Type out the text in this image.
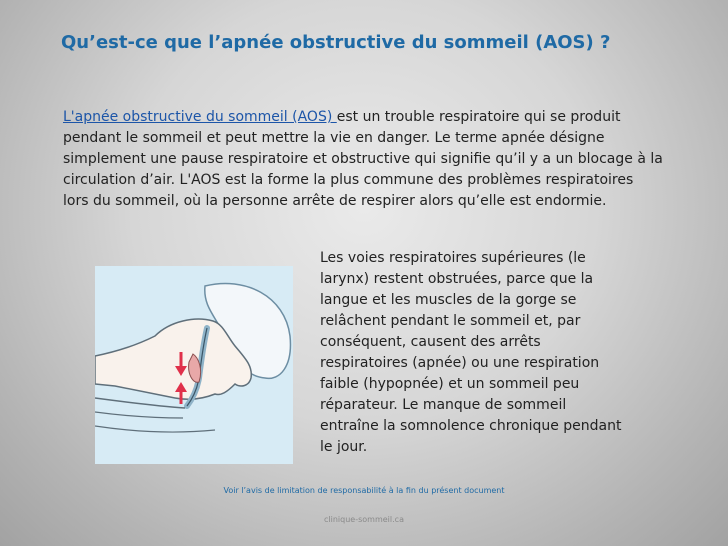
Qu’est-ce que l’apnée obstructive du sommeil (AOS) ?
L'apnée obstructive du sommeil (AOS) est un trouble respiratoire qui se produit pendant le sommeil et peut mettre la vie en danger. Le terme apnée désigne simplement une pause respiratoire et obstructive qui signifie qu’il y a un blocage à la circulation d’air. L'AOS est la forme la plus commune des problèmes respiratoires lors du sommeil, où la personne arrête de respirer alors qu’elle est endormie.
Les voies respiratoires supérieures (le larynx) restent obstruées, parce que la langue et les muscles de la gorge se relâchent pendant le sommeil et, par conséquent, causent des arrêts respiratoires (apnée) ou une respiration faible (hypopnée) et un sommeil peu réparateur. Le manque de sommeil entraîne la somnolence chronique pendant le jour.
Voir l’avis de limitation de responsabilité à la fin du présent document
clinique-sommeil.ca
